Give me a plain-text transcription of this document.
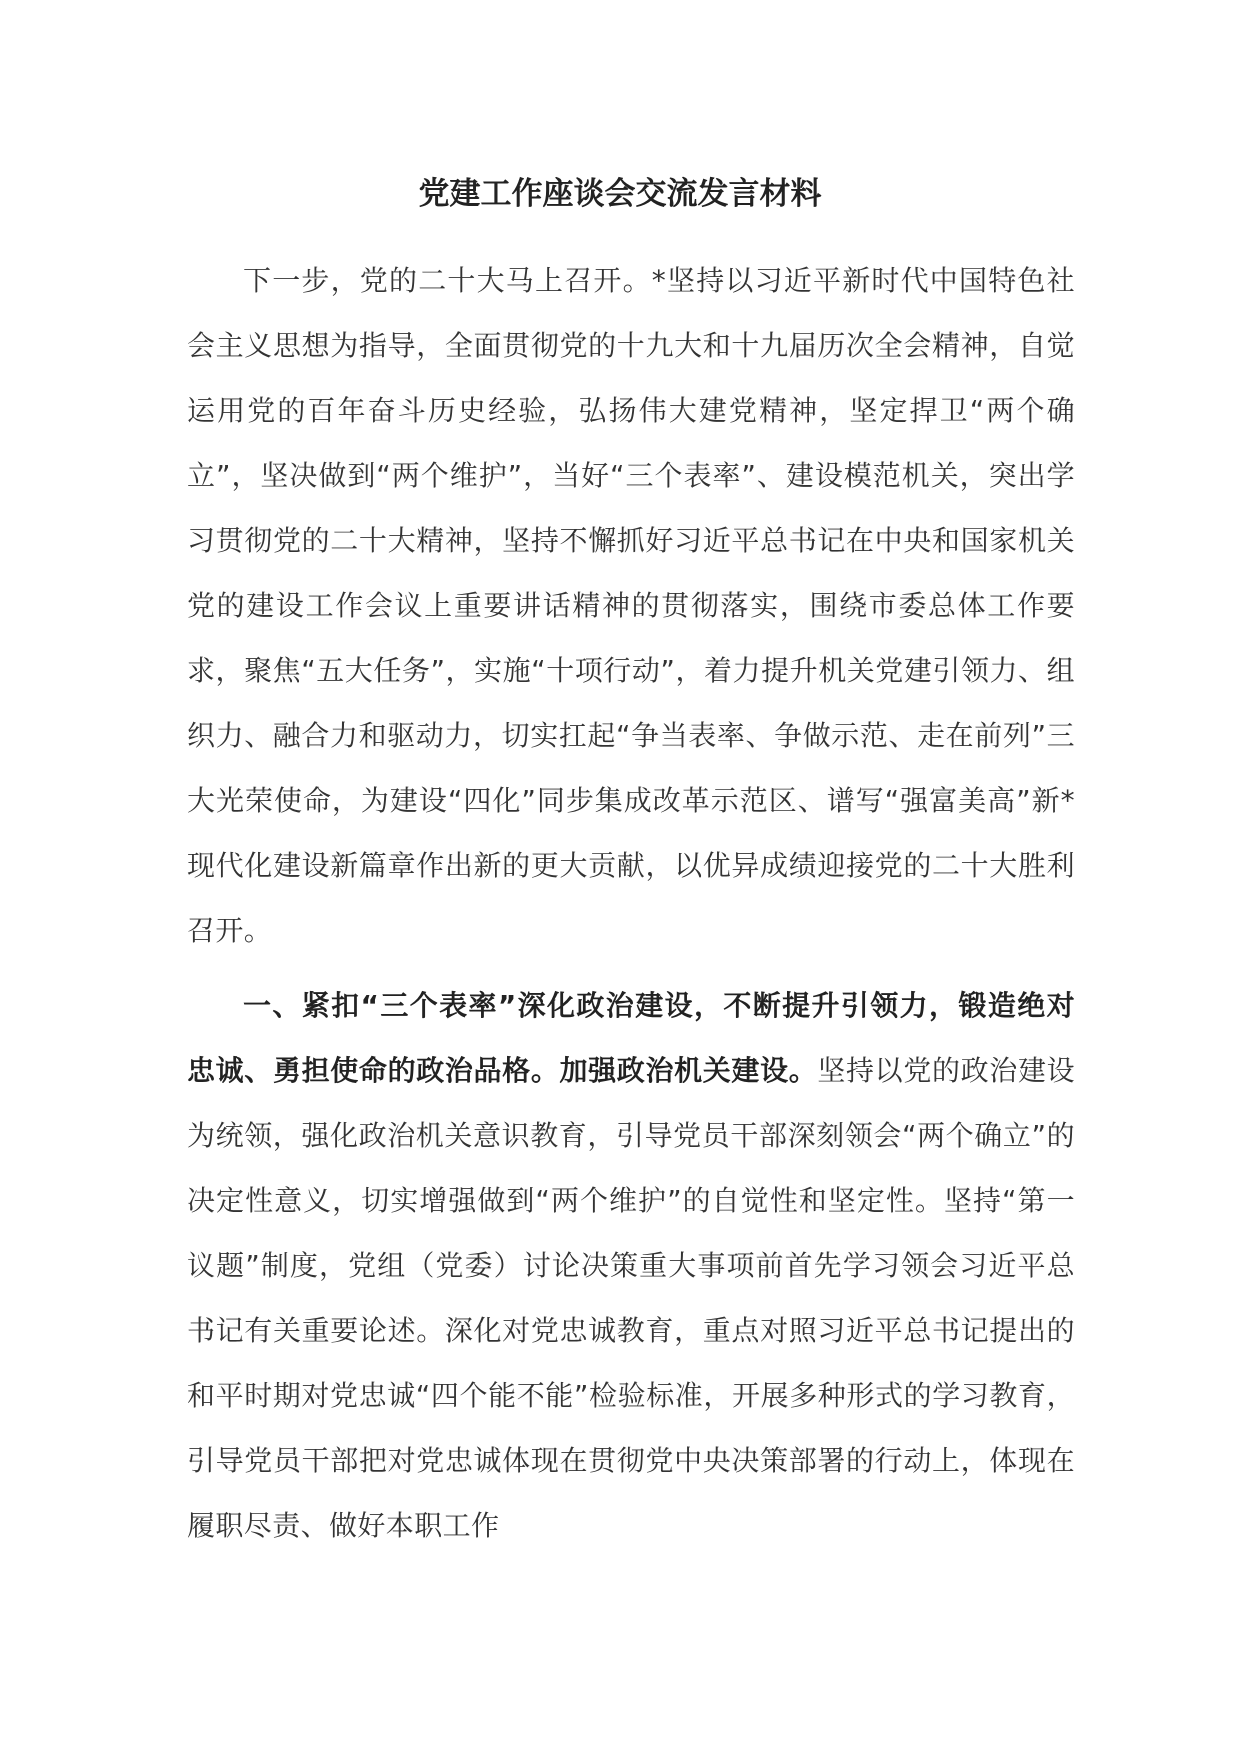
党建工作座谈会交流发言材料

下一步，党的二十大马上召开。*坚持以习近平新时代中国特色社会主义思想为指导，全面贯彻党的十九大和十九届历次全会精神，自觉运用党的百年奋斗历史经验，弘扬伟大建党精神，坚定捍卫“两个确立”，坚决做到“两个维护”，当好“三个表率”、建设模范机关，突出学习贯彻党的二十大精神，坚持不懈抓好习近平总书记在中央和国家机关党的建设工作会议上重要讲话精神的贯彻落实，围绕市委总体工作要求，聚焦“五大任务”，实施“十项行动”，着力提升机关党建引领力、组织力、融合力和驱动力，切实扛起“争当表率、争做示范、走在前列”三大光荣使命，为建设“四化”同步集成改革示范区、谱写“强富美高”新*现代化建设新篇章作出新的更大贡献，以优异成绩迎接党的二十大胜利召开。

一、紧扣“三个表率”深化政治建设，不断提升引领力，锻造绝对忠诚、勇担使命的政治品格。加强政治机关建设。坚持以党的政治建设为统领，强化政治机关意识教育，引导党员干部深刻领会“两个确立”的决定性意义，切实增强做到“两个维护”的自觉性和坚定性。坚持“第一议题”制度，党组（党委）讨论决策重大事项前首先学习领会习近平总书记有关重要论述。深化对党忠诚教育，重点对照习近平总书记提出的和平时期对党忠诚“四个能不能”检验标准，开展多种形式的学习教育，引导党员干部把对党忠诚体现在贯彻党中央决策部署的行动上，体现在履职尽责、做好本职工作
